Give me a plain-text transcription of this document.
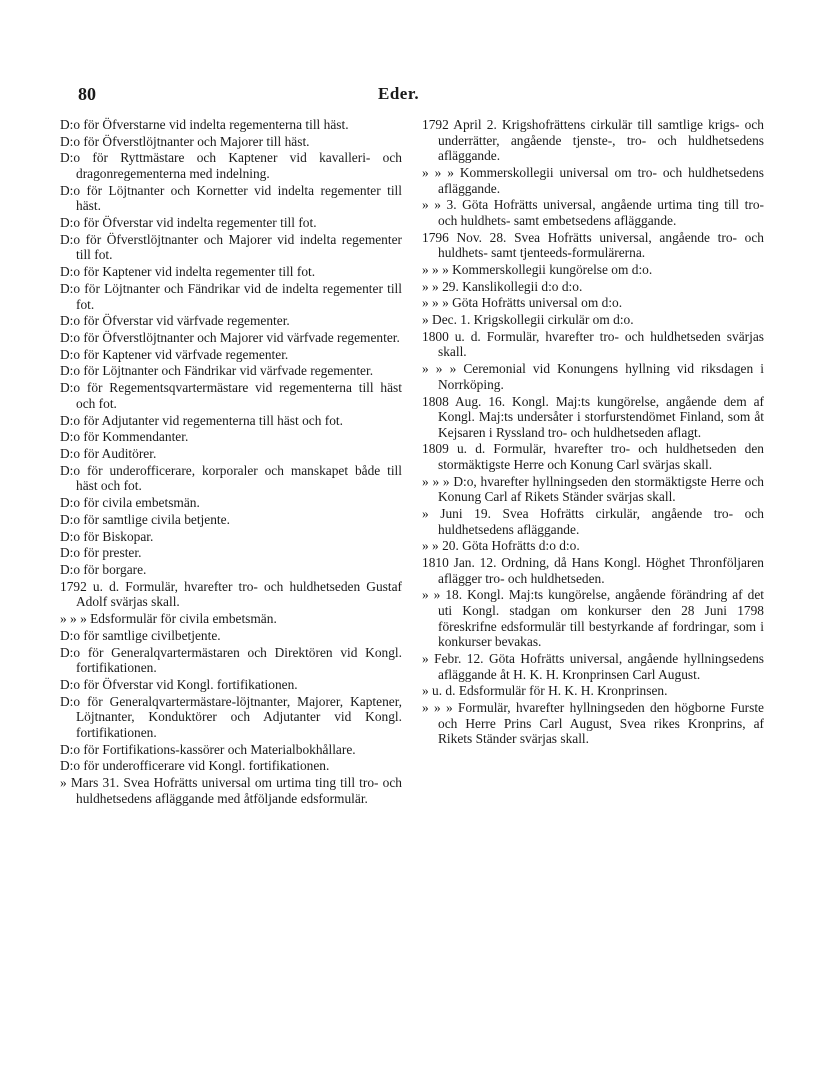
80	Eder.

D:o för Öfverstarne vid indelta regementerna till häst.

D:o för Öfverstlöjtnanter och Majorer till häst.

D:o för Ryttmästare och Kaptener vid kavalleri- och dragonregementerna med indelning.

D:o för Löjtnanter och Kornetter vid indelta regementer till häst.

D:o för Öfverstar vid indelta regementer till fot.

D:o för Öfverstlöjtnanter och Majorer vid indelta regementer till fot.

D:o för Kaptener vid indelta regementer till fot.

D:o för Löjtnanter och Fändrikar vid de indelta regementer till fot.

D:o för Öfverstar vid värfvade regementer.

D:o för Öfverstlöjtnanter och Majorer vid värfvade regementer.

D:o för Kaptener vid värfvade regementer.

D:o för Löjtnanter och Fändrikar vid värfvade regementer.

D:o för Regementsqvartermästare vid regementerna till häst och fot.

D:o för Adjutanter vid regementerna till häst och fot.

D:o för Kommendanter.

D:o för Auditörer.

D:o för underofficerare, korporaler och manskapet både till häst och fot.

D:o för civila embetsmän.

D:o för samtlige civila betjente.

D:o för Biskopar.

D:o för prester.

D:o för borgare.

1792 u. d. Formulär, hvarefter tro- och huldhetseden Gustaf Adolf svärjas skall.

» » » Edsformulär för civila embetsmän.

D:o för samtlige civilbetjente.

D:o för Generalqvartermästaren och Direktören vid Kongl. fortifikationen.

D:o för Öfverstar vid Kongl. fortifikationen.

D:o för Generalqvartermästare-löjtnanter, Majorer, Kaptener, Löjtnanter, Konduktörer och Adjutanter vid Kongl. fortifikationen.

D:o för Fortifikations-kassörer och Materialbokhållare.

D:o för underofficerare vid Kongl. fortifikationen.

» Mars 31. Svea Hofrätts universal om urtima ting till tro- och huldhetsedens afläggande med åtföljande edsformulär.

1792 April 2. Krigshofrättens cirkulär till samtlige krigs- och underrätter, angående tjenste-, tro- och huldhetsedens afläggande.

» » » Kommerskollegii universal om tro- och huldhetsedens afläggande.

» » 3. Göta Hofrätts universal, angående urtima ting till tro- och huldhets- samt embetsedens afläggande.

1796 Nov. 28. Svea Hofrätts universal, angående tro- och huldhets- samt tjenteeds-formulärerna.

» » » Kommerskollegii kungörelse om d:o.

» » 29. Kanslikollegii d:o d:o.

» » » Göta Hofrätts universal om d:o.

» Dec. 1. Krigskollegii cirkulär om d:o.

1800 u. d. Formulär, hvarefter tro- och huldhetseden svärjas skall.

» » » Ceremonial vid Konungens hyllning vid riksdagen i Norrköping.

1808 Aug. 16. Kongl. Maj:ts kungörelse, angående dem af Kongl. Maj:ts undersåter i storfurstendömet Finland, som åt Kejsaren i Ryssland tro- och huldhetseden aflagt.

1809 u. d. Formulär, hvarefter tro- och huldhetseden den stormäktigste Herre och Konung Carl svärjas skall.

» » » D:o, hvarefter hyllningseden den stormäktigste Herre och Konung Carl af Rikets Ständer svärjas skall.

» Juni 19. Svea Hofrätts cirkulär, angående tro- och huldhetsedens afläggande.

» » 20. Göta Hofrätts d:o d:o.

1810 Jan. 12. Ordning, då Hans Kongl. Höghet Thronföljaren aflägger tro- och huldhetseden.

» » 18. Kongl. Maj:ts kungörelse, angående förändring af det uti Kongl. stadgan om konkurser den 28 Juni 1798 föreskrifne edsformulär till bestyrkande af fordringar, som i konkurser bevakas.

» Febr. 12. Göta Hofrätts universal, angående hyllningsedens afläggande åt H. K. H. Kronprinsen Carl August.

» u. d. Edsformulär för H. K. H. Kronprinsen.

» » » Formulär, hvarefter hyllningseden den högborne Furste och Herre Prins Carl August, Svea rikes Kronprins, af Rikets Ständer svärjas skall.
